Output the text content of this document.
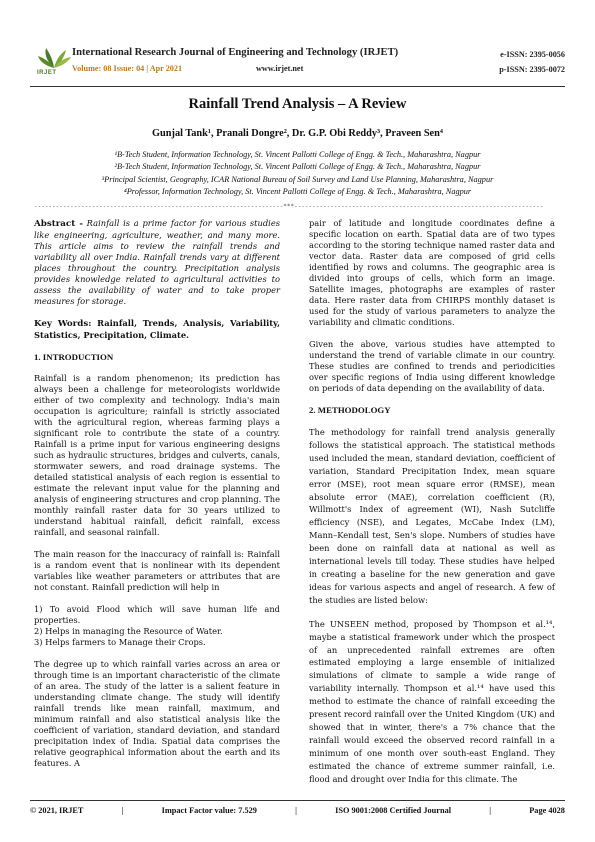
IRJET
International Research Journal of Engineering and Technology (IRJET)
Volume: 08 Issue: 04 | Apr 2021	www.irjet.net
e-ISSN: 2395-0056
p-ISSN: 2395-0072
Rainfall Trend Analysis – A Review
Gunjal Tank¹, Pranali Dongre², Dr. G.P. Obi Reddy³, Praveen Sen⁴
¹B-Tech Student, Information Technology, St. Vincent Pallotti College of Engg. & Tech., Maharashtra, Nagpur
²B-Tech Student, Information Technology, St. Vincent Pallotti College of Engg. & Tech., Maharashtra, Nagpur
³Principal Scientist, Geography, ICAR National Bureau of Soil Survey and Land Use Planning, Maharashtra, Nagpur
⁴Professor, Information Technology, St. Vincent Pallotti College of Engg. & Tech., Maharashtra, Nagpur
---------------------------------------------------------------------***---------------------------------------------------------------------

Abstract - Rainfall is a prime factor for various studies like engineering, agriculture, weather, and many more. This article aims to review the rainfall trends and variability all over India. Rainfall trends vary at different places throughout the country. Precipitation analysis provides knowledge related to agricultural activities to assess the availability of water and to take proper measures for storage.

Key Words: Rainfall, Trends, Analysis, Variability, Statistics, Precipitation, Climate.

1. INTRODUCTION

Rainfall is a random phenomenon; its prediction has always been a challenge for meteorologists worldwide either of two complexity and technology. India's main occupation is agriculture; rainfall is strictly associated with the agricultural region, whereas farming plays a significant role to contribute the state of a country. Rainfall is a prime input for various engineering designs such as hydraulic structures, bridges and culverts, canals, stormwater sewers, and road drainage systems. The detailed statistical analysis of each region is essential to estimate the relevant input value for the planning and analysis of engineering structures and crop planning. The monthly rainfall raster data for 30 years utilized to understand habitual rainfall, deficit rainfall, excess rainfall, and seasonal rainfall.

The main reason for the inaccuracy of rainfall is: Rainfall is a random event that is nonlinear with its dependent variables like weather parameters or attributes that are not constant. Rainfall prediction will help in

1) To avoid Flood which will save human life and properties.
2) Helps in managing the Resource of Water.
3) Helps farmers to Manage their Crops.

The degree up to which rainfall varies across an area or through time is an important characteristic of the climate of an area. The study of the latter is a salient feature in understanding climate change. The study will identify rainfall trends like mean rainfall, maximum, and minimum rainfall and also statistical analysis like the coefficient of variation, standard deviation, and standard precipitation index of India. Spatial data comprises the relative geographical information about the earth and its features. A

pair of latitude and longitude coordinates define a specific location on earth. Spatial data are of two types according to the storing technique named raster data and vector data. Raster data are composed of grid cells identified by rows and columns. The geographic area is divided into groups of cells, which form an image. Satellite images, photographs are examples of raster data. Here raster data from CHIRPS monthly dataset is used for the study of various parameters to analyze the variability and climatic conditions.

Given the above, various studies have attempted to understand the trend of variable climate in our country. These studies are confined to trends and periodicities over specific regions of India using different knowledge on periods of data depending on the availability of data.

2. METHODOLOGY

The methodology for rainfall trend analysis generally follows the statistical approach. The statistical methods used included the mean, standard deviation, coefficient of variation, Standard Precipitation Index, mean square error (MSE), root mean square error (RMSE), mean absolute error (MAE), correlation coefficient (R), Willmott's Index of agreement (WI), Nash Sutcliffe efficiency (NSE), and Legates, McCabe Index (LM), Mann–Kendall test, Sen's slope. Numbers of studies have been done on rainfall data at national as well as international levels till today. These studies have helped in creating a baseline for the new generation and gave ideas for various aspects and angel of research. A few of the studies are listed below:

The UNSEEN method, proposed by Thompson et al.¹⁴, maybe a statistical framework under which the prospect of an unprecedented rainfall extremes are often estimated employing a large ensemble of initialized simulations of climate to sample a wide range of variability internally. Thompson et al.¹⁴ have used this method to estimate the chance of rainfall exceeding the present record rainfall over the United Kingdom (UK) and showed that in winter, there's a 7% chance that the rainfall would exceed the observed record rainfall in a minimum of one month over south-east England. They estimated the chance of extreme summer rainfall, i.e. flood and drought over India for this climate. The

© 2021, IRJET	|	Impact Factor value: 7.529	|	ISO 9001:2008 Certified Journal	|	Page 4028
